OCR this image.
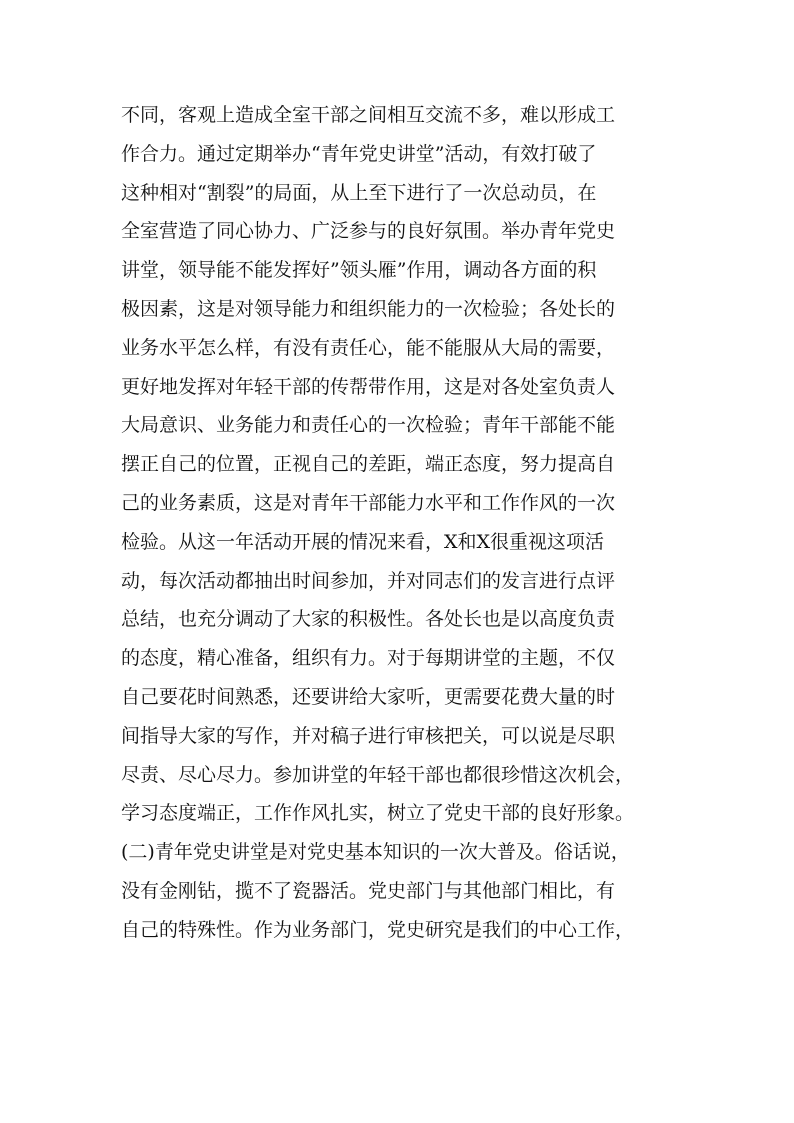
不同，客观上造成全室干部之间相互交流不多，难以形成工
作合力。通过定期举办“青年党史讲堂”活动，有效打破了
这种相对“割裂”的局面，从上至下进行了一次总动员，在
全室营造了同心协力、广泛参与的良好氛围。举办青年党史
讲堂，领导能不能发挥好”领头雁”作用，调动各方面的积
极因素，这是对领导能力和组织能力的一次检验；各处长的
业务水平怎么样，有没有责任心，能不能服从大局的需要，
更好地发挥对年轻干部的传帮带作用，这是对各处室负责人
大局意识、业务能力和责任心的一次检验；青年干部能不能
摆正自己的位置，正视自己的差距，端正态度，努力提高自
己的业务素质，这是对青年干部能力水平和工作作风的一次
检验。从这一年活动开展的情况来看，X和X很重视这项活
动，每次活动都抽出时间参加，并对同志们的发言进行点评
总结，也充分调动了大家的积极性。各处长也是以高度负责
的态度，精心准备，组织有力。对于每期讲堂的主题，不仅
自己要花时间熟悉，还要讲给大家听，更需要花费大量的时
间指导大家的写作，并对稿子进行审核把关，可以说是尽职
尽责、尽心尽力。参加讲堂的年轻干部也都很珍惜这次机会，
学习态度端正，工作作风扎实，树立了党史干部的良好形象。
(二)青年党史讲堂是对党史基本知识的一次大普及。俗话说，
没有金刚钻，揽不了瓷器活。党史部门与其他部门相比，有
自己的特殊性。作为业务部门，党史研究是我们的中心工作，
